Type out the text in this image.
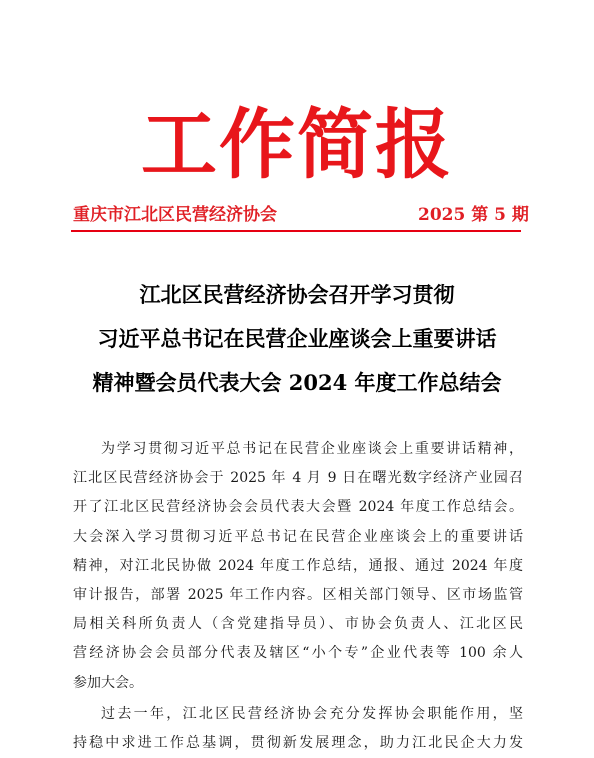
工作简报
重庆市江北区民营经济协会	2025 第 5 期
江北区民营经济协会召开学习贯彻
习近平总书记在民营企业座谈会上重要讲话
精神暨会员代表大会 2024 年度工作总结会
为学习贯彻习近平总书记在民营企业座谈会上重要讲话精神，
江北区民营经济协会于 2025 年 4 月 9 日在曙光数字经济产业园召
开了江北区民营经济协会会员代表大会暨 2024 年度工作总结会。
大会深入学习贯彻习近平总书记在民营企业座谈会上的重要讲话
精神，对江北民协做 2024 年度工作总结，通报、通过 2024 年度
审计报告，部署 2025 年工作内容。区相关部门领导、区市场监管
局相关科所负责人（含党建指导员）、市协会负责人、江北区民
营经济协会会员部分代表及辖区“小个专”企业代表等 100 余人
参加大会。
过去一年，江北区民营经济协会充分发挥协会职能作用，坚
持稳中求进工作总基调，贯彻新发展理念，助力江北民企大力发
